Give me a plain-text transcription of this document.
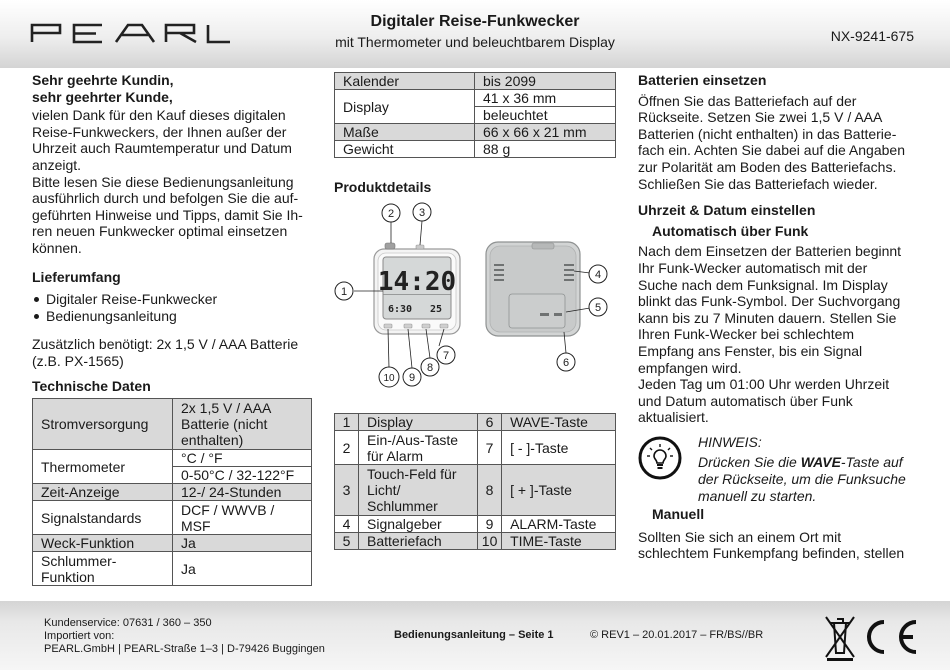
Digitaler Reise-Funkwecker
mit Thermometer und beleuchtbarem Display	NX-9241-675
Sehr geehrte Kundin,
sehr geehrter Kunde,

vielen Dank für den Kauf dieses digitalen
Reise-Funkweckers, der Ihnen außer der
Uhrzeit auch Raumtemperatur und Datum
anzeigt.
Bitte lesen Sie diese Bedienungsanleitung
ausführlich durch und befolgen Sie die auf-
geführten Hinweise und Tipps, damit Sie Ih-
ren neuen Funkwecker optimal einsetzen
können.

Lieferumfang
Digitaler Reise-Funkwecker
Bedienungsanleitung

Zusätzlich benötigt: 2x 1,5 V / AAA Batterie
(z.B. PX-1565)

Technische Daten
Stromversorgung	2x 1,5 V / AAA
Batterie (nicht
enthalten)
Thermometer	°C / °F
	0-50°C / 32-122°F
Zeit-Anzeige	12-/ 24-Stunden
Signalstandards	DCF / WWVB /
MSF
Weck-Funktion	Ja
Schlummer-
Funktion	Ja
Kalender	bis 2099
Display	41 x 36 mm
	beleuchtet
Maße	66 x 66 x 21 mm
Gewicht	88 g
Produktdetails
14:20
6:30 25
1
2 3
4
5
6
7
8
9
10
1	Display	6	WAVE-Taste
2	Ein-/Aus-Taste
für Alarm	7	[ - ]-Taste
3	Touch-Feld für
Licht/
Schlummer	8	[ + ]-Taste
4	Signalgeber	9	ALARM-Taste
5	Batteriefach	10	TIME-Taste
Batterien einsetzen

Öffnen Sie das Batteriefach auf der
Rückseite. Setzen Sie zwei 1,5 V / AAA
Batterien (nicht enthalten) in das Batterie-
fach ein. Achten Sie dabei auf die Angaben
zur Polarität am Boden des Batteriefachs.
Schließen Sie das Batteriefach wieder.

Uhrzeit & Datum einstellen
Automatisch über Funk

Nach dem Einsetzen der Batterien beginnt
Ihr Funk-Wecker automatisch mit der
Suche nach dem Funksignal. Im Display
blinkt das Funk-Symbol. Der Suchvorgang
kann bis zu 7 Minuten dauern. Stellen Sie
Ihren Funk-Wecker bei schlechtem
Empfang ans Fenster, bis ein Signal
empfangen wird.
Jeden Tag um 01:00 Uhr werden Uhrzeit
und Datum automatisch über Funk
aktualisiert.

HINWEIS:

Drücken Sie die WAVE-Taste auf
der Rückseite, um die Funksuche
manuell zu starten.

Manuell

Sollten Sie sich an einem Ort mit
schlechtem Funkempfang befinden, stellen

Kundenservice: 07631 / 360 – 350
Importiert von:
PEARL.GmbH | PEARL-Straße 1–3 | D-79426 Buggingen
Bedienungsanleitung – Seite 1	© REV1 – 20.01.2017 – FR/BS//BR
